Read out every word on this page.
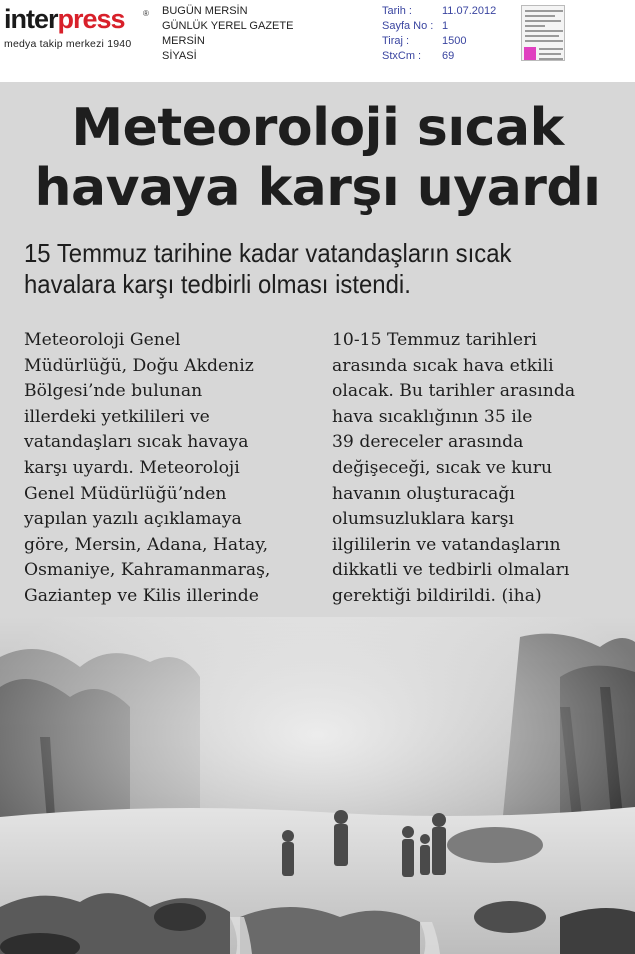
interpress ®
medya takip merkezi 1940
BUGÜN MERSİN
GÜNLÜK YEREL GAZETE
MERSİN
SİYASİ
Tarih :	11.07.2012
Sayfa No : 1
Tiraj :	1500
StxCm :	69
Meteoroloji sıcak
havaya karşı uyardı
15 Temmuz tarihine kadar vatandaşların sıcak
havalara karşı tedbirli olması istendi.
Meteoroloji Genel
Müdürlüğü, Doğu Akdeniz
Bölgesi’nde bulunan
illerdeki yetkilileri ve
vatandaşları sıcak havaya
karşı uyardı. Meteoroloji
Genel Müdürlüğü’nden
yapılan yazılı açıklamaya
göre, Mersin, Adana, Hatay,
Osmaniye, Kahramanmaraş,
Gaziantep ve Kilis illerinde
10-15 Temmuz tarihleri
arasında sıcak hava etkili
olacak. Bu tarihler arasında
hava sıcaklığının 35 ile
39 dereceler arasında
değişeceği, sıcak ve kuru
havanın oluşturacağı
olumsuzluklara karşı
ilgililerin ve vatandaşların
dikkatli ve tedbirli olmaları
gerektiği bildirildi. (iha)
